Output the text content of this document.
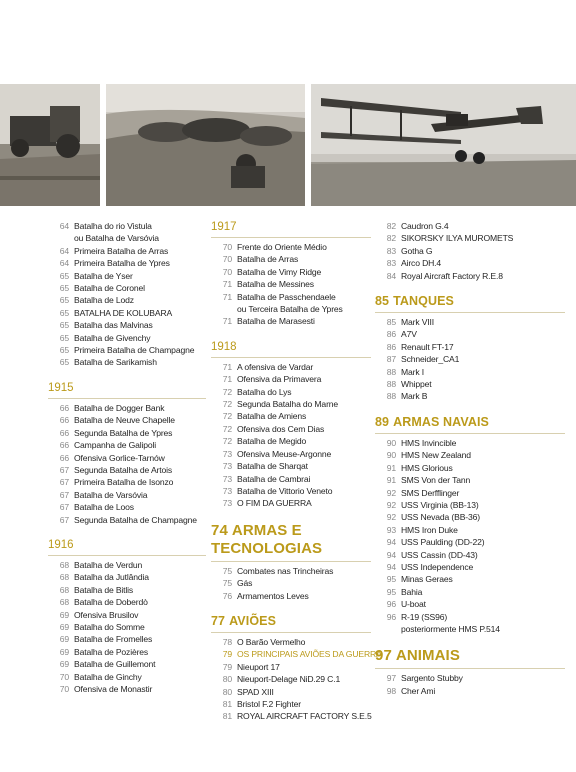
64 Batalha do rio Vistula
ou Batalha de Varsóvia
64 Primeira Batalha de Arras
64 Primeira Batalha de Ypres
65 Batalha de Yser
65 Batalha de Coronel
65 Batalha de Lodz
65 BATALHA DE KOLUBARA
65 Batalha das Malvinas
65 Batalha de Givenchy
65 Primeira Batalha de Champagne
65 Batalha de Sarikamish
1915
66 Batalha de Dogger Bank
66 Batalha de Neuve Chapelle
66 Segunda Batalha de Ypres
66 Campanha de Galipoli
66 Ofensiva Gorlice-Tarnów
67 Segunda Batalha de Artois
67 Primeira Batalha de Isonzo
67 Batalha de Varsóvia
67 Batalha de Loos
67 Segunda Batalha de Champagne
1916
68 Batalha de Verdun
68 Batalha da Jutlândia
68 Batalha de Bitlis
68 Batalha de Doberdò
69 Ofensiva Brusilov
69 Batalha do Somme
69 Batalha de Fromelles
69 Batalha de Pozières
69 Batalha de Guillemont
70 Batalha de Ginchy
70 Ofensiva de Monastir
1917
70 Frente do Oriente Médio
70 Batalha de Arras
70 Batalha de Vimy Ridge
71 Batalha de Messines
71 Batalha de Passchendaele
ou Terceira Batalha de Ypres
71 Batalha de Marasesti
1918
71 A ofensiva de Vardar
71 Ofensiva da Primavera
72 Batalha do Lys
72 Segunda Batalha do Marne
72 Batalha de Amiens
72 Ofensiva dos Cem Dias
72 Batalha de Megido
73 Ofensiva Meuse-Argonne
73 Batalha de Sharqat
73 Batalha de Cambrai
73 Batalha de Vittorio Veneto
73 O FIM DA GUERRA
74 ARMAS E TECNOLOGIAS
75 Combates nas Trincheiras
75 Gás
76 Armamentos Leves
77 AVIÕES
78 O Barão Vermelho
79 OS PRINCIPAIS AVIÕES DA GUERRA
79 Nieuport 17
80 Nieuport-Delage NiD.29 C.1
80 SPAD XIII
81 Bristol F.2 Fighter
81 ROYAL AIRCRAFT FACTORY S.E.5
82 Caudron G.4
82 SIKORSKY ILYA MUROMETS
83 Gotha G
83 Airco DH.4
84 Royal Aircraft Factory R.E.8
85 TANQUES
85 Mark VIII
86 A7V
86 Renault FT-17
87 Schneider_CA1
88 Mark I
88 Whippet
88 Mark B
89 ARMAS NAVAIS
90 HMS Invincible
90 HMS New Zealand
91 HMS Glorious
91 SMS Von der Tann
92 SMS Derfflinger
92 USS Virginia (BB-13)
92 USS Nevada (BB-36)
93 HMS Iron Duke
94 USS Paulding (DD-22)
94 USS Cassin (DD-43)
94 USS Independence
95 Minas Geraes
95 Bahia
96 U-boat
96 R-19 (SS96)
posteriormente HMS P.514
97 ANIMAIS
97 Sargento Stubby
98 Cher Ami
